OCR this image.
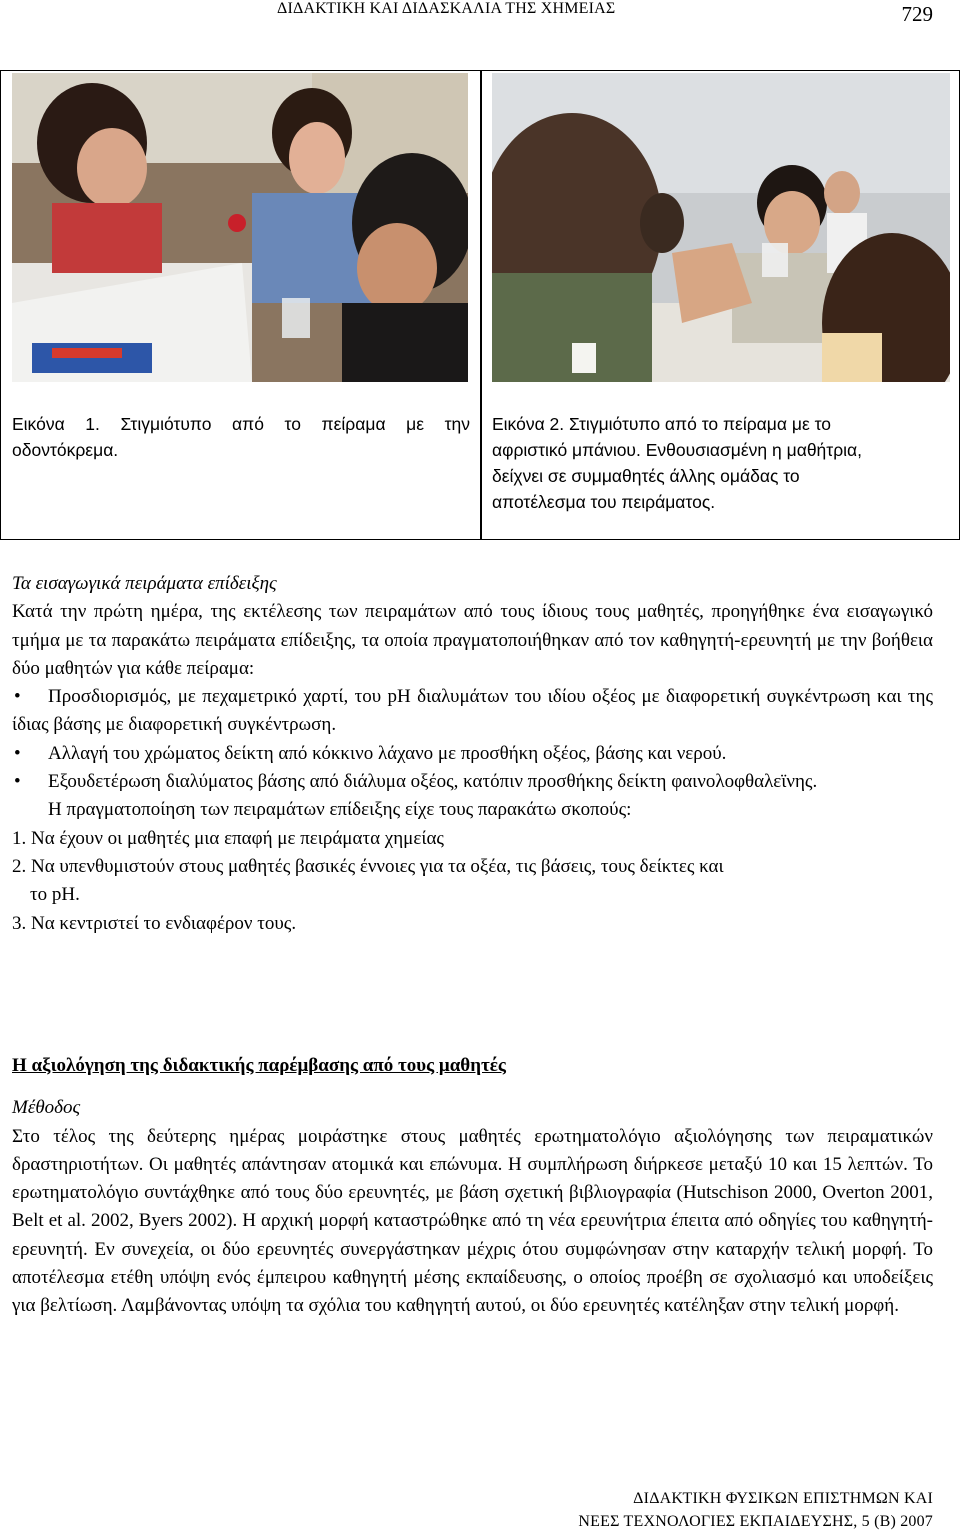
ΔΙΔΑΚΤΙΚΗ ΚΑΙ ΔΙΔΑΣΚΑΛΙΑ ΤΗΣ ΧΗΜΕΙΑΣ	729
Εικόνα 1. Στιγμιότυπο από το πείραμα με την οδοντόκρεμα.
Εικόνα 2. Στιγμιότυπο από το πείραμα με το
αφριστικό μπάνιου. Ενθουσιασμένη η μαθήτρια,
δείχνει σε συμμαθητές άλλης ομάδας το
αποτέλεσμα του πειράματος.

Τα εισαγωγικά πειράματα επίδειξης

Κατά την πρώτη ημέρα, της εκτέλεσης των πειραμάτων από τους ίδιους τους μαθητές, προηγήθηκε ένα εισαγωγικό τμήμα με τα παρακάτω πειράματα επίδειξης, τα οποία πραγματοποιήθηκαν από τον καθηγητή-ερευνητή με την βοήθεια δύο μαθητών για κάθε πείραμα:

• Προσδιορισμός, με πεχαμετρικό χαρτί, του pH διαλυμάτων του ιδίου οξέος με διαφορετική συγκέντρωση και της ίδιας βάσης με διαφορετική συγκέντρωση.

• Αλλαγή του χρώματος δείκτη από κόκκινο λάχανο με προσθήκη οξέος, βάσης και νερού.

• Εξουδετέρωση διαλύματος βάσης από διάλυμα οξέος, κατόπιν προσθήκης δείκτη φαινολοφθαλεϊνης.

Η πραγματοποίηση των πειραμάτων επίδειξης είχε τους παρακάτω σκοπούς:

1. Να έχουν οι μαθητές μια επαφή με πειράματα χημείας

2. Να υπενθυμιστούν στους μαθητές βασικές έννοιες για τα οξέα, τις βάσεις, τους δείκτες και

το pH.

3. Να κεντριστεί το ενδιαφέρον τους.

Η αξιολόγηση της διδακτικής παρέμβασης από τους μαθητές

Μέθοδος

Στο τέλος της δεύτερης ημέρας μοιράστηκε στους μαθητές ερωτηματολόγιο αξιολόγησης των πειραματικών δραστηριοτήτων. Οι μαθητές απάντησαν ατομικά και επώνυμα. Η συμπλήρωση διήρκεσε μεταξύ 10 και 15 λεπτών. Το ερωτηματολόγιο συντάχθηκε από τους δύο ερευνητές, με βάση σχετική βιβλιογραφία (Hutschison 2000, Overton 2001, Belt et al. 2002, Byers 2002). Η αρχική μορφή καταστρώθηκε από τη νέα ερευνήτρια έπειτα από οδηγίες του καθηγητή-ερευνητή. Εν συνεχεία, οι δύο ερευνητές συνεργάστηκαν μέχρις ότου συμφώνησαν στην καταρχήν τελική μορφή. Το αποτέλεσμα ετέθη υπόψη ενός έμπειρου καθηγητή μέσης εκπαίδευσης, ο οποίος προέβη σε σχολιασμό και υποδείξεις για βελτίωση. Λαμβάνοντας υπόψη τα σχόλια του καθηγητή αυτού, οι δύο ερευνητές κατέληξαν στην τελική μορφή.

ΔΙΔΑΚΤΙΚΗ ΦΥΣΙΚΩΝ ΕΠΙΣΤΗΜΩΝ ΚΑΙ
ΝΕΕΣ ΤΕΧΝΟΛΟΓΙΕΣ ΕΚΠΑΙΔΕΥΣΗΣ, 5 (Β) 2007
